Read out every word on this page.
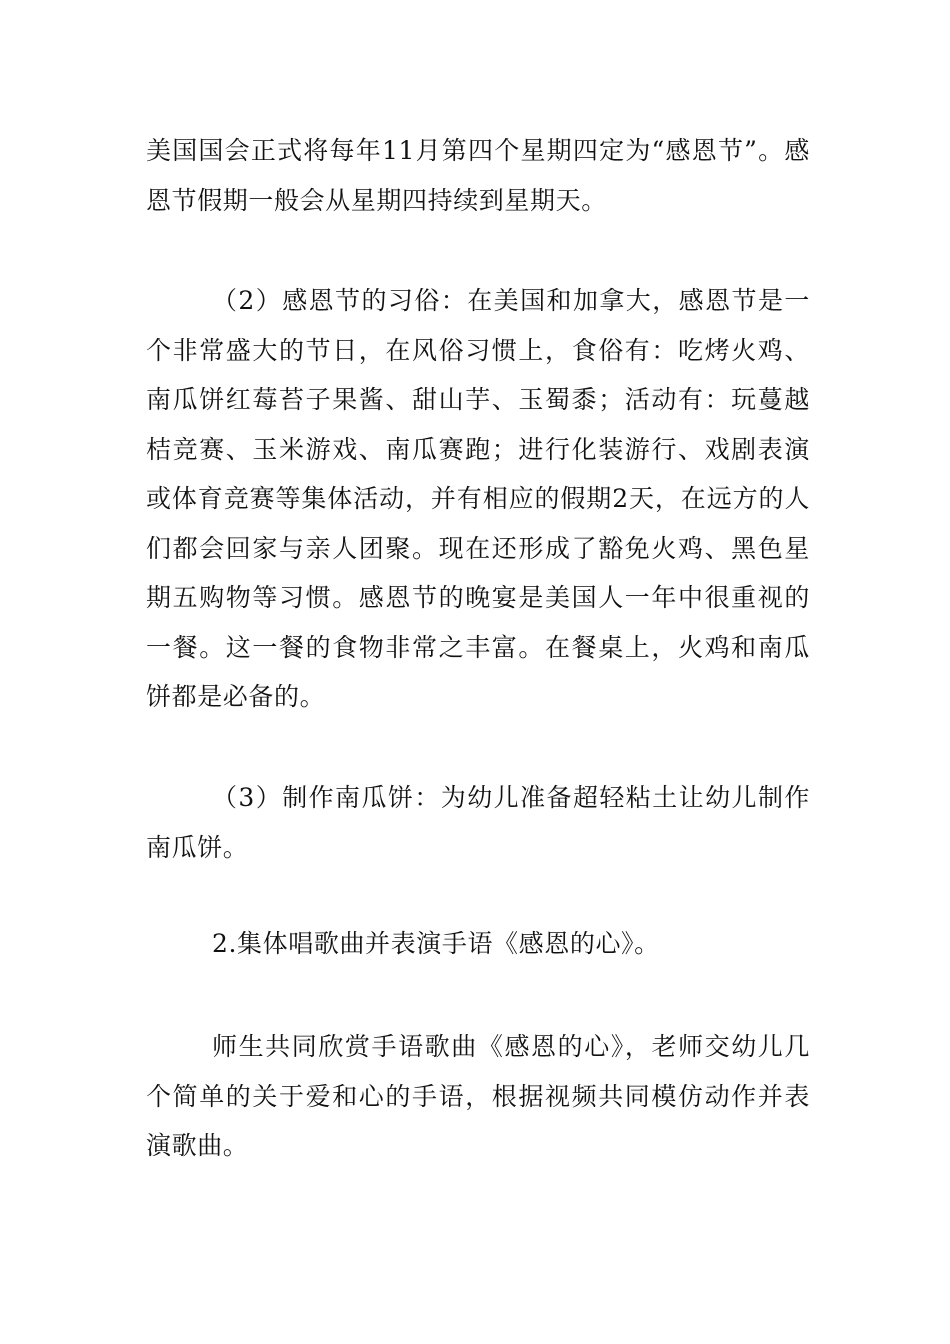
美国国会正式将每年11月第四个星期四定为“感恩节”。感恩节假期一般会从星期四持续到星期天。

（2）感恩节的习俗：在美国和加拿大，感恩节是一个非常盛大的节日，在风俗习惯上，食俗有：吃烤火鸡、南瓜饼红莓苔子果酱、甜山芋、玉蜀黍；活动有：玩蔓越桔竞赛、玉米游戏、南瓜赛跑；进行化装游行、戏剧表演或体育竞赛等集体活动，并有相应的假期2天，在远方的人们都会回家与亲人团聚。现在还形成了豁免火鸡、黑色星期五购物等习惯。感恩节的晚宴是美国人一年中很重视的一餐。这一餐的食物非常之丰富。在餐桌上，火鸡和南瓜饼都是必备的。

（3）制作南瓜饼：为幼儿准备超轻粘土让幼儿制作南瓜饼。

2.集体唱歌曲并表演手语《感恩的心》。

师生共同欣赏手语歌曲《感恩的心》，老师交幼儿几个简单的关于爱和心的手语，根据视频共同模仿动作并表演歌曲。
